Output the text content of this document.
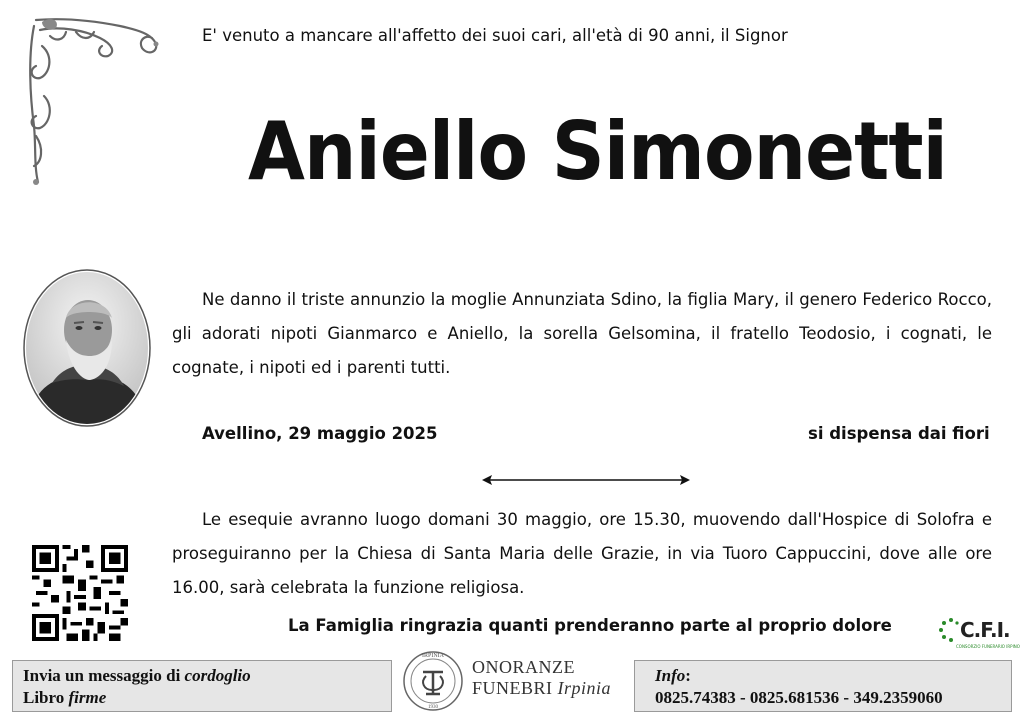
E' venuto a mancare all'affetto dei suoi cari, all'età di 90 anni, il Signor
Aniello Simonetti
Ne danno il triste annunzio la moglie Annunziata Sdino, la figlia Mary, il genero Federico Rocco, gli adorati nipoti Gianmarco e Aniello, la sorella Gelsomina, il fratello Teodosio, i cognati, le cognate, i nipoti ed i parenti tutti.
Avellino, 29 maggio 2025	si dispensa dai fiori
Le esequie avranno luogo domani 30 maggio, ore 15.30, muovendo dall'Hospice di Solofra e proseguiranno per la Chiesa di Santa Maria delle Grazie, in via Tuoro Cappuccini, dove alle ore 16.00, sarà celebrata la funzione religiosa.
La Famiglia ringrazia quanti prenderanno parte al proprio dolore	C.F.I.
CONSORZIO FUNERARIO IRPINO
Invia un messaggio di cordoglio
Libro firme
IRPINIA
1930
ONORANZE
FUNEBRI Irpinia
Info:
0825.74383 - 0825.681536 - 349.2359060
